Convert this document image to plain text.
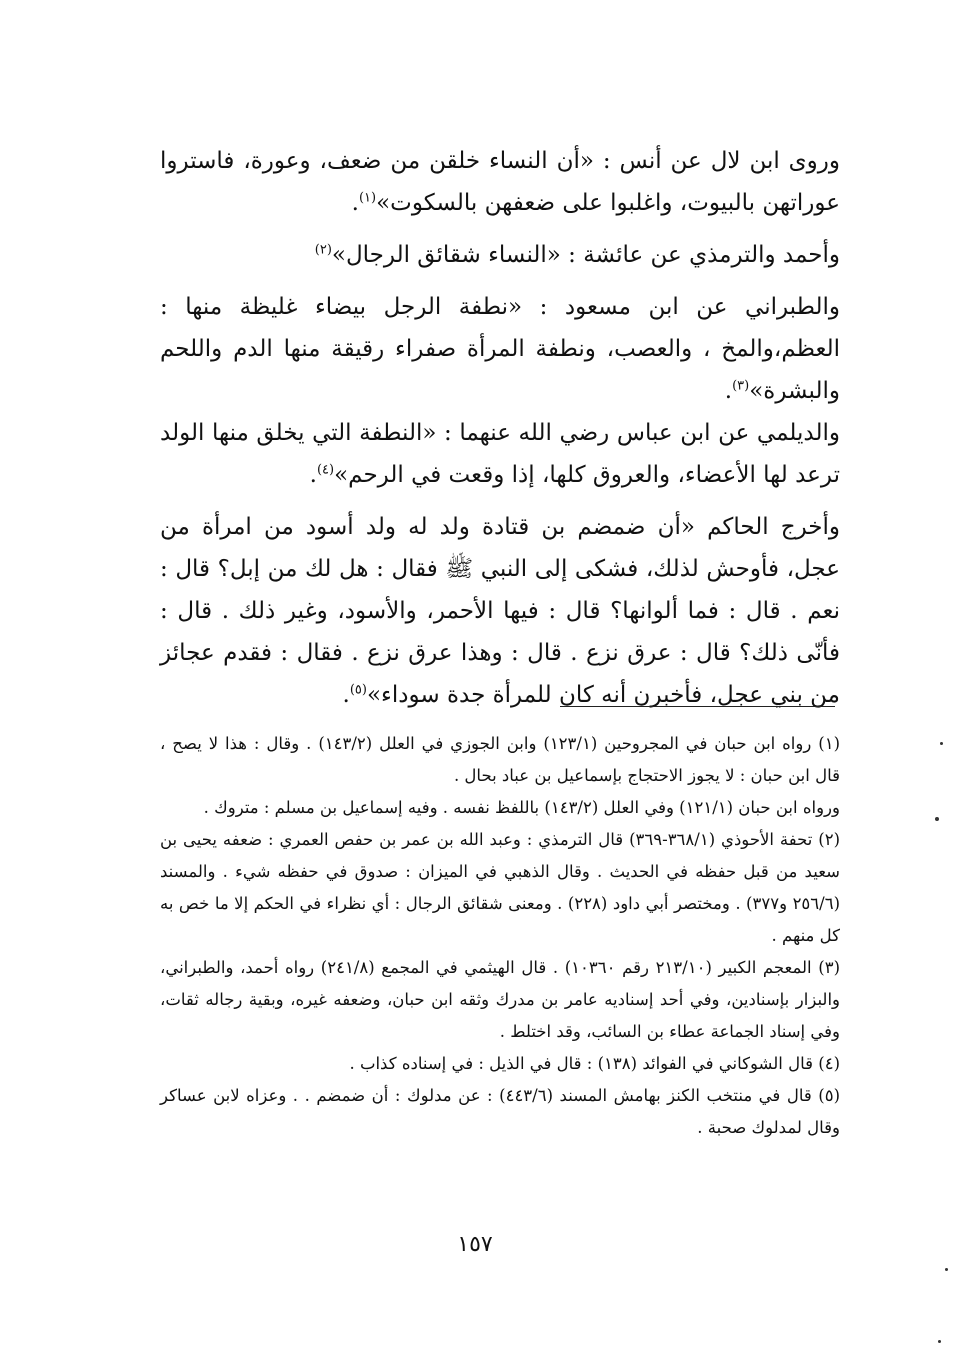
وروى ابن لال عن أنس : «أن النساء خلقن من ضعف، وعورة، فاستروا عوراتهن بالبيوت، واغلبوا على ضعفهن بالسكوت»$^{(١)}$.

وأحمد والترمذي عن عائشة : «النساء شقائق الرجال»$^{(٢)}$

والطبراني عن ابن مسعود : «نطفة الرجل بيضاء غليظة منها : العظم،والمخ ، والعصب، ونطفة المرأة صفراء رقيقة منها الدم واللحم والبشرة»$^{(٣)}$.

والديلمي عن ابن عباس رضي الله عنهما : «النطفة التي يخلق منها الولد ترعد لها الأعضاء، والعروق كلها، إذا وقعت في الرحم»$^{(٤)}$.

وأخرج الحاكم «أن ضمضم بن قتادة ولد له ولد أسود من امرأة من عجل، فأوحش لذلك، فشكى إلى النبي ﷺ فقال : هل لك من إبل؟ قال : نعم . قال : فما ألوانها؟ قال : فيها الأحمر، والأسود، وغير ذلك . قال : فأنّى ذلك؟ قال : عرق نزع . قال : وهذا عرق نزع . فقال : فقدم عجائز من بني عجل، فأخبرن أنه كان للمرأة جدة سوداء»$^{(٥)}$.

(١) رواه ابن حبان في المجروحين (١٢٣/١) وابن الجوزي في العلل (١٤٣/٢) . وقال : هذا لا يصح ، قال ابن حبان : لا يجوز الاحتجاج بإسماعيل بن عباد بحال .

ورواه ابن حبان (١٢١/١) وفي العلل (١٤٣/٢) باللفظ نفسه . وفيه إسماعيل بن مسلم : متروك .

(٢) تحفة الأحوذي (٣٦٨/١-٣٦٩) قال الترمذي : وعبد الله بن عمر بن حفص العمري : ضعفه يحيى بن سعيد من قبل حفظه في الحديث . وقال الذهبي في الميزان : صدوق في حفظه شيء . والمسند (٢٥٦/٦ و٣٧٧) . ومختصر أبي داود (٢٢٨) . ومعنى شقائق الرجال : أي نظراء في الحكم إلا ما خص به كل منهم .

(٣) المعجم الكبير (٢١٣/١٠ رقم ١٠٣٦٠) . قال الهيثمي في المجمع (٢٤١/٨) رواه أحمد، والطبراني، والبزار بإسنادين، وفي أحد إسناديه عامر بن مدرك وثقه ابن حبان، وضعفه غيره، وبقية رجاله ثقات، وفي إسناد الجماعة عطاء بن السائب، وقد اختلط .

(٤) قال الشوكاني في الفوائد (١٣٨) : قال في الذيل : في إسناده كذاب .

(٥) قال في منتخب الكنز بهامش المسند (٤٤٣/٦) : عن مدلوك : أن ضمضم . . وعزاه لابن عساكر وقال لمدلوك صحبة .

١٥٧
